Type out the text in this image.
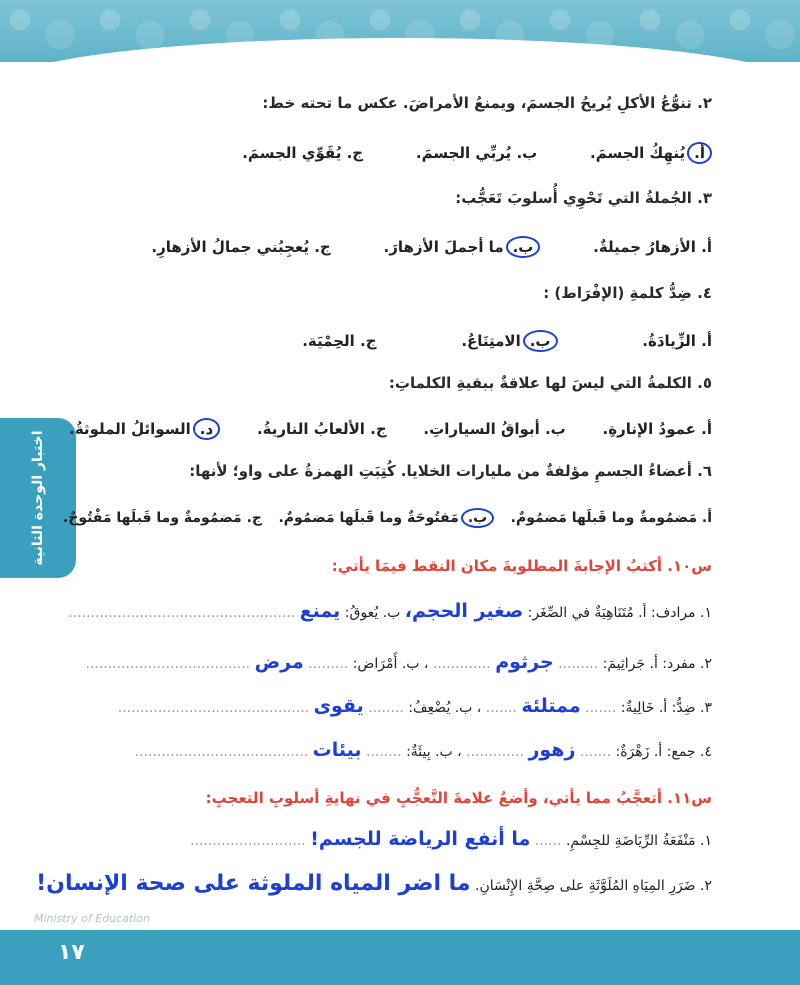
اختبار الوحدة الثانية
٢. تنوُّعُ الأكلِ يُريحُ الجسمَ، ويمنعُ الأمراضَ. عكس ما تحته خط:
أ.يُنهِكُ الجسمَ. ب. يُربِّي الجسمَ. ج. يُقَوِّي الجسمَ.
٣. الجُملةُ التي تَحْوِي أُسلوبَ تَعَجُّب:
أ. الأزهارُ جميلةٌ. ب.ما أجملَ الأزهارَ. ج. يُعجِبُني جمالُ الأزهارِ.
٤. ضِدُّ كلمةِ (الإفْرَاط) :
أ. الزِّيادَةُ. ب.الامتِنَاعُ. ج. الحِمْيَة.
٥. الكلمةُ التي ليسَ لها علاقةٌ ببقيةِ الكلماتِ:
أ. عمودُ الإنارةِ. ب. أبواقُ السياراتِ. ج. الألعابُ الناريةُ. د.السوائلُ الملوثةُ.
٦. أعضاءُ الجسمِ مؤلفةٌ من مليارات الخلايا. كُتِبَتِ الهمزةُ على واو؛ لأنها:
أ. مَضمُومةٌ وما قَبلَها مَضمُومٌ. ب.مَفتُوحَةٌ وما قَبلَها مَضمُومٌ. ج. مَضمُومةٌ وما قَبلَها مَفْتُوحٌ.
س١٠. أكتبُ الإجابةَ المطلوبةَ مكان النقط فيمَا يأتي:
١. مرادف: أ. مُتَنَاهِيَةٌ في الصِّغَر: صغير الحجم، ب. يُعوقُ: يمنع ...................................................
٢. مفرد: أ. جَراثِيمَ: ......... جرثوم ............. ، ب. أَمْرَاض: ......... مرض .....................................
٣. ضِدُّ: أ. خَالِيةٌ: ....... ممتلئة ....... ، ب. يُضْعِفُ: ........ يقوى ...........................................
٤. جمع: أ. زَهْرَةٌ: ....... زهور ............. ، ب. بِيئَةٌ: ........ بيئات .......................................
س١١. أتعجَّبُ مما يأتي، وأضعُ علامةَ التَّعجُّبِ في نهايةِ أسلوبِ التعجبِ:
١. مَنْفَعَةُ الرِّيَاضَةِ للجِسْمِ. ...... ما أنفع الرياضة للجسم! ..........................
٢. ضَرَرِ المِيَاهِ المُلَوَّثَةِ على صِحَّةِ الإِنْسَانِ. ما اضر المياه الملوثة على صحة الإنسان!
Ministry of Education
١٧
